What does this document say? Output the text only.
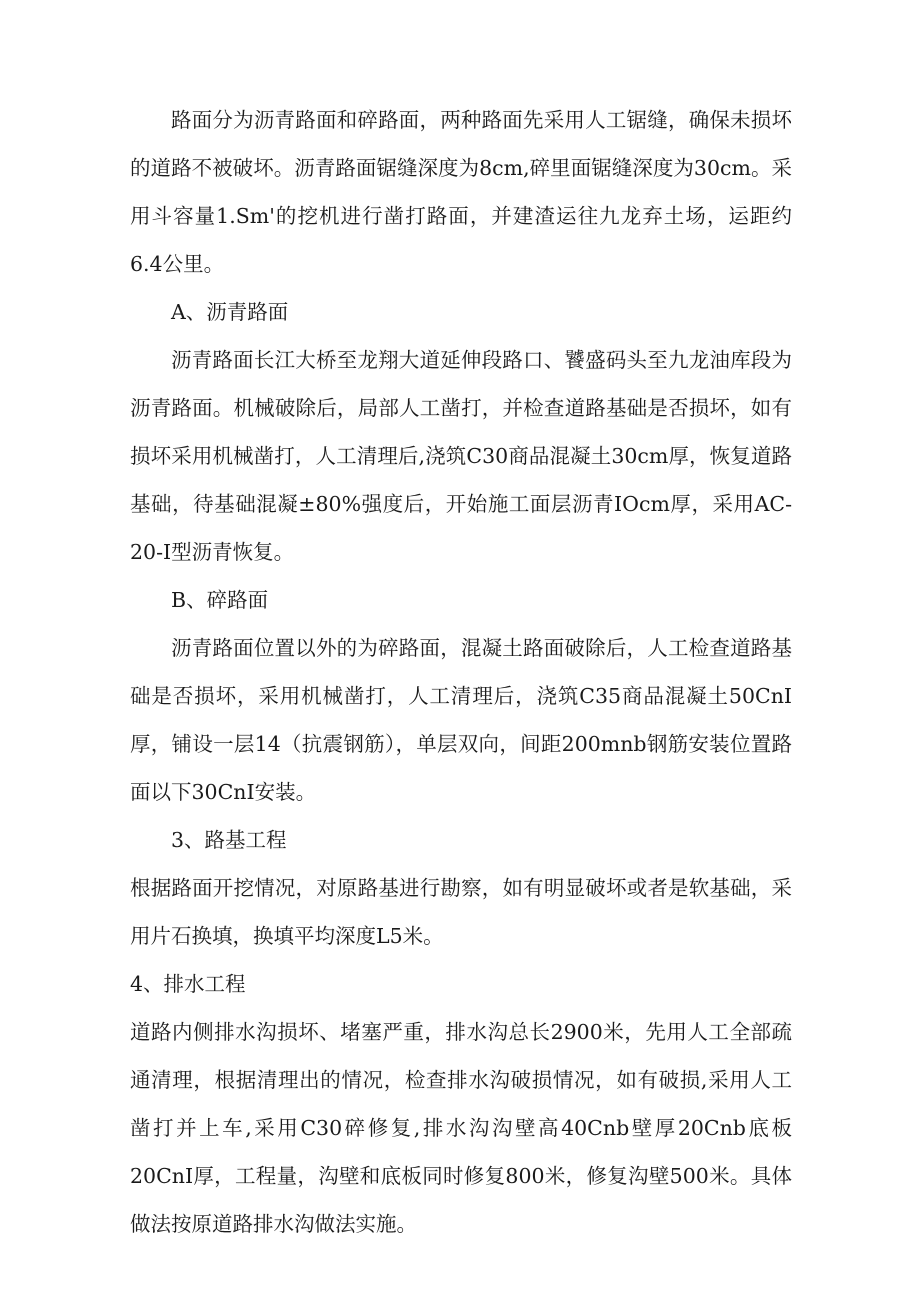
路面分为沥青路面和碎路面，两种路面先采用人工锯缝，确保未损坏的道路不被破坏。沥青路面锯缝深度为8cm,碎里面锯缝深度为30cm。采用斗容量1.Sm'的挖机进行凿打路面，并建渣运往九龙弃土场，运距约6.4公里。

A、沥青路面

沥青路面长江大桥至龙翔大道延伸段路口、饕盛码头至九龙油库段为沥青路面。机械破除后，局部人工凿打，并检查道路基础是否损坏，如有损坏采用机械凿打，人工清理后,浇筑C30商品混凝土30cm厚，恢复道路基础，待基础混凝±80%强度后，开始施工面层沥青IOcm厚，采用AC-20-I型沥青恢复。

B、碎路面

沥青路面位置以外的为碎路面，混凝土路面破除后，人工检查道路基础是否损坏，采用机械凿打，人工清理后，浇筑C35商品混凝土50CnI厚，铺设一层14（抗震钢筋），单层双向，间距200mnb钢筋安装位置路面以下30CnI安装。

3、路基工程

根据路面开挖情况，对原路基进行勘察，如有明显破坏或者是软基础，采用片石换填，换填平均深度L5米。

4、排水工程

道路内侧排水沟损坏、堵塞严重，排水沟总长2900米，先用人工全部疏通清理，根据清理出的情况，检查排水沟破损情况，如有破损,采用人工凿打并上车,采用C30碎修复,排水沟沟壁高40Cnb壁厚20Cnb底板20CnI厚，工程量，沟壁和底板同时修复800米，修复沟壁500米。具体做法按原道路排水沟做法实施。
